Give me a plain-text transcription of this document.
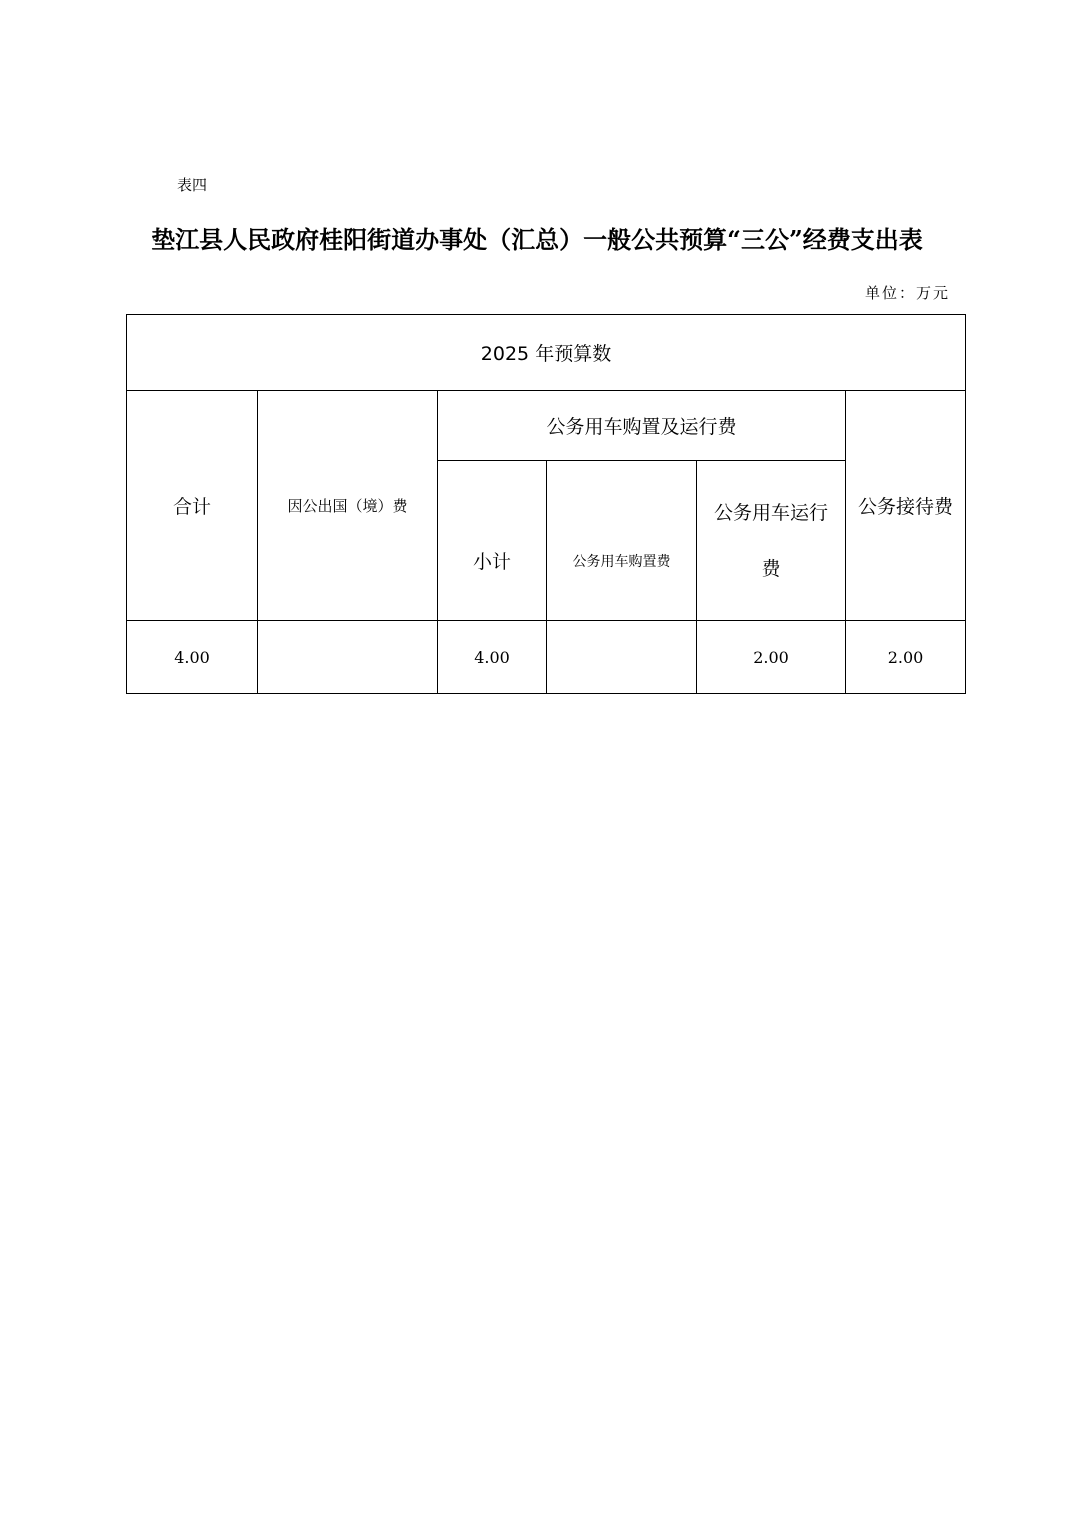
表四
垫江县人民政府桂阳街道办事处（汇总）一般公共预算“三公”经费支出表
单位：万元
2025 年预算数					
合计	因公出国（境）费	公务用车购置及运行费			公务接待费
		小计	公务用车购置费	公务用车运行费	
4.00		4.00		2.00	2.00
